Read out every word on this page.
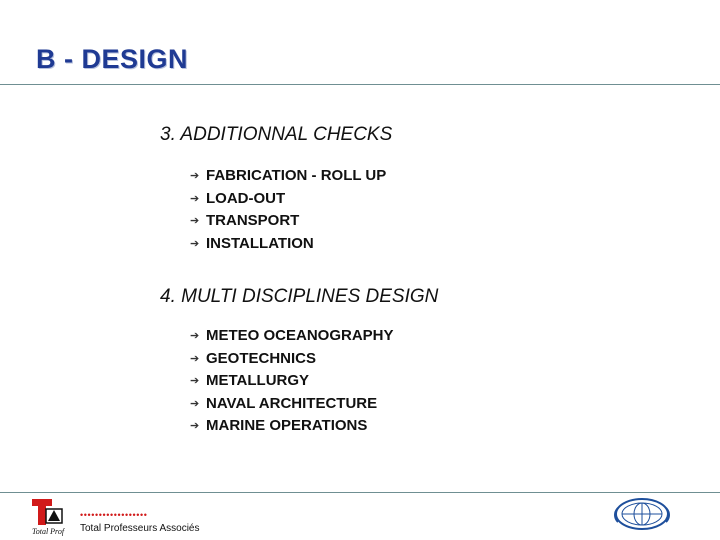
B - DESIGN
3. ADDITIONNAL CHECKS
➔ FABRICATION - ROLL UP
➔ LOAD-OUT
➔ TRANSPORT
➔ INSTALLATION
4. MULTI DISCIPLINES DESIGN
➔ METEO OCEANOGRAPHY
➔ GEOTECHNICS
➔ METALLURGY
➔ NAVAL ARCHITECTURE
➔ MARINE OPERATIONS
Total Prof
••••••••••••••••••
Total Professeurs Associés
